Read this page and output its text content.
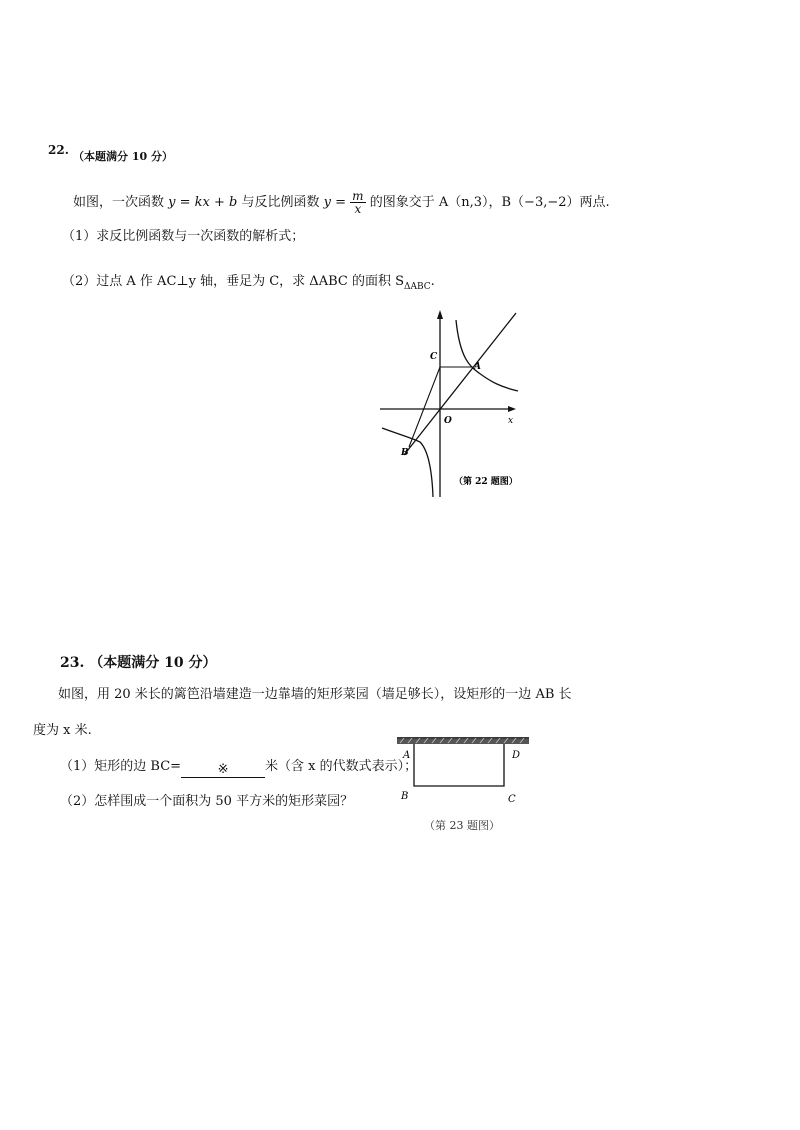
22. （本题满分 10 分）
如图，一次函数 y = kx + b 与反比例函数 $y = \frac{m}{x}$ 的图象交于 A（n,3），B（−3,−2）两点.
（1）求反比例函数与一次函数的解析式；
（2）过点 A 作 AC⊥y 轴，垂足为 C，求 ΔABC 的面积 $S_{\Delta ABC}$.
C
A
O	x
B
（第 22 题图）
23. （本题满分 10 分）
如图，用 20 米长的篱笆沿墙建造一边靠墙的矩形菜园（墙足够长），设矩形的一边 AB 长
度为 x 米.
（1）矩形的边 BC=	※	米（含 x 的代数式表示）；
（2）怎样围成一个面积为 50 平方米的矩形菜园？
A	D
B	C
（第 23 题图）
